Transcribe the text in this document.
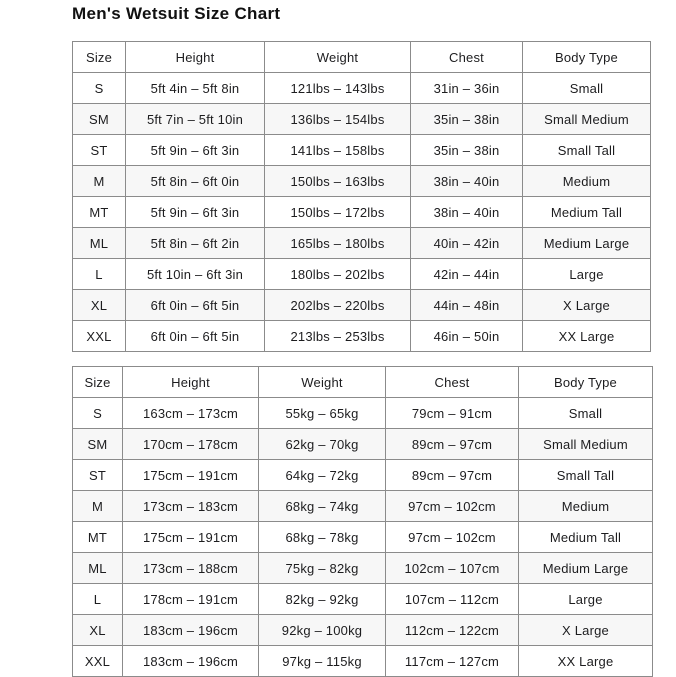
Men's Wetsuit Size Chart
Size	Height	Weight	Chest	Body Type
S	5ft 4in – 5ft 8in	121lbs – 143lbs	31in – 36in	Small
SM	5ft 7in – 5ft 10in	136lbs – 154lbs	35in – 38in	Small Medium
ST	5ft 9in – 6ft 3in	141lbs – 158lbs	35in – 38in	Small Tall
M	5ft 8in – 6ft 0in	150lbs – 163lbs	38in – 40in	Medium
MT	5ft 9in – 6ft 3in	150lbs – 172lbs	38in – 40in	Medium Tall
ML	5ft 8in – 6ft 2in	165lbs – 180lbs	40in – 42in	Medium Large
L	5ft 10in – 6ft 3in	180lbs – 202lbs	42in – 44in	Large
XL	6ft 0in – 6ft 5in	202lbs – 220lbs	44in – 48in	X Large
XXL	6ft 0in – 6ft 5in	213lbs – 253lbs	46in – 50in	XX Large
Size	Height	Weight	Chest	Body Type
S	163cm – 173cm	55kg – 65kg	79cm – 91cm	Small
SM	170cm – 178cm	62kg – 70kg	89cm – 97cm	Small Medium
ST	175cm – 191cm	64kg – 72kg	89cm – 97cm	Small Tall
M	173cm – 183cm	68kg – 74kg	97cm – 102cm	Medium
MT	175cm – 191cm	68kg – 78kg	97cm – 102cm	Medium Tall
ML	173cm – 188cm	75kg – 82kg	102cm – 107cm	Medium Large
L	178cm – 191cm	82kg – 92kg	107cm – 112cm	Large
XL	183cm – 196cm	92kg – 100kg	112cm – 122cm	X Large
XXL	183cm – 196cm	97kg – 115kg	117cm – 127cm	XX Large
